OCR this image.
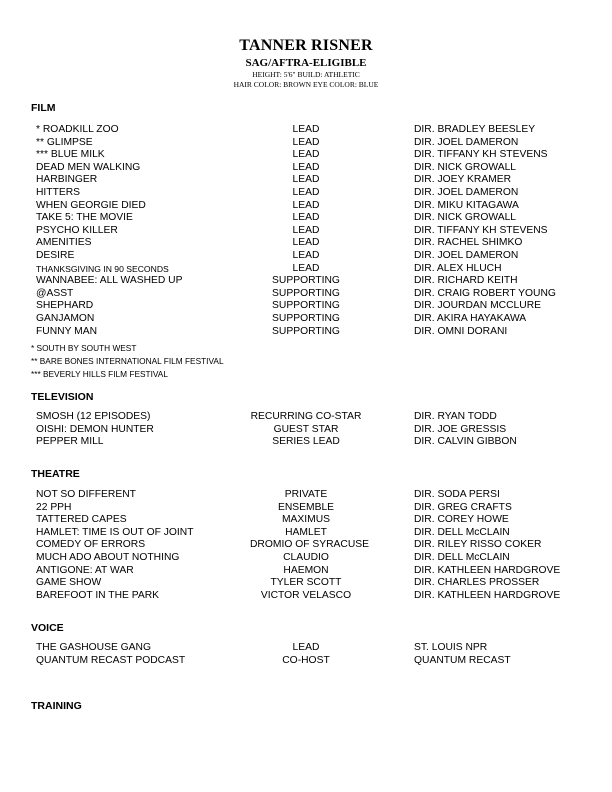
TANNER RISNER
SAG/AFTRA-ELIGIBLE
HEIGHT: 5'6" BUILD: ATHLETIC
HAIR COLOR: BROWN EYE COLOR: BLUE
FILM
* ROADKILL ZOO	LEAD	DIR. BRADLEY BEESLEY
** GLIMPSE	LEAD	DIR. JOEL DAMERON
*** BLUE MILK	LEAD	DIR. TIFFANY KH STEVENS
DEAD MEN WALKING	LEAD	DIR. NICK GROWALL
HARBINGER	LEAD	DIR. JOEY KRAMER
HITTERS	LEAD	DIR. JOEL DAMERON
WHEN GEORGIE DIED	LEAD	DIR. MIKU KITAGAWA
TAKE 5: THE MOVIE	LEAD	DIR. NICK GROWALL
PSYCHO KILLER	LEAD	DIR. TIFFANY KH STEVENS
AMENITIES	LEAD	DIR. RACHEL SHIMKO
DESIRE	LEAD	DIR. JOEL DAMERON
THANKSGIVING IN 90 SECONDS	LEAD	DIR. ALEX HLUCH
WANNABEE: ALL WASHED UP	SUPPORTING	DIR. RICHARD KEITH
@ASST	SUPPORTING	DIR. CRAIG ROBERT YOUNG
SHEPHARD	SUPPORTING	DIR. JOURDAN MCCLURE
GANJAMON	SUPPORTING	DIR. AKIRA HAYAKAWA
FUNNY MAN	SUPPORTING	DIR. OMNI DORANI
* SOUTH BY SOUTH WEST
** BARE BONES INTERNATIONAL FILM FESTIVAL
*** BEVERLY HILLS FILM FESTIVAL
TELEVISION
SMOSH (12 EPISODES)	RECURRING CO-STAR	DIR. RYAN TODD
OISHI: DEMON HUNTER	GUEST STAR	DIR. JOE GRESSIS
PEPPER MILL	SERIES LEAD	DIR. CALVIN GIBBON
THEATRE
NOT SO DIFFERENT	PRIVATE	DIR. SODA PERSI
22 PPH	ENSEMBLE	DIR. GREG CRAFTS
TATTERED CAPES	MAXIMUS	DIR. COREY HOWE
HAMLET: TIME IS OUT OF JOINT	HAMLET	DIR. DELL McCLAIN
COMEDY OF ERRORS	DROMIO OF SYRACUSE	DIR. RILEY RISSO COKER
MUCH ADO ABOUT NOTHING	CLAUDIO	DIR. DELL McCLAIN
ANTIGONE: AT WAR	HAEMON	DIR. KATHLEEN HARDGROVE
GAME SHOW	TYLER SCOTT	DIR. CHARLES PROSSER
BAREFOOT IN THE PARK	VICTOR VELASCO	DIR. KATHLEEN HARDGROVE
VOICE
THE GASHOUSE GANG	LEAD	ST. LOUIS NPR
QUANTUM RECAST PODCAST	CO-HOST	QUANTUM RECAST
TRAINING
